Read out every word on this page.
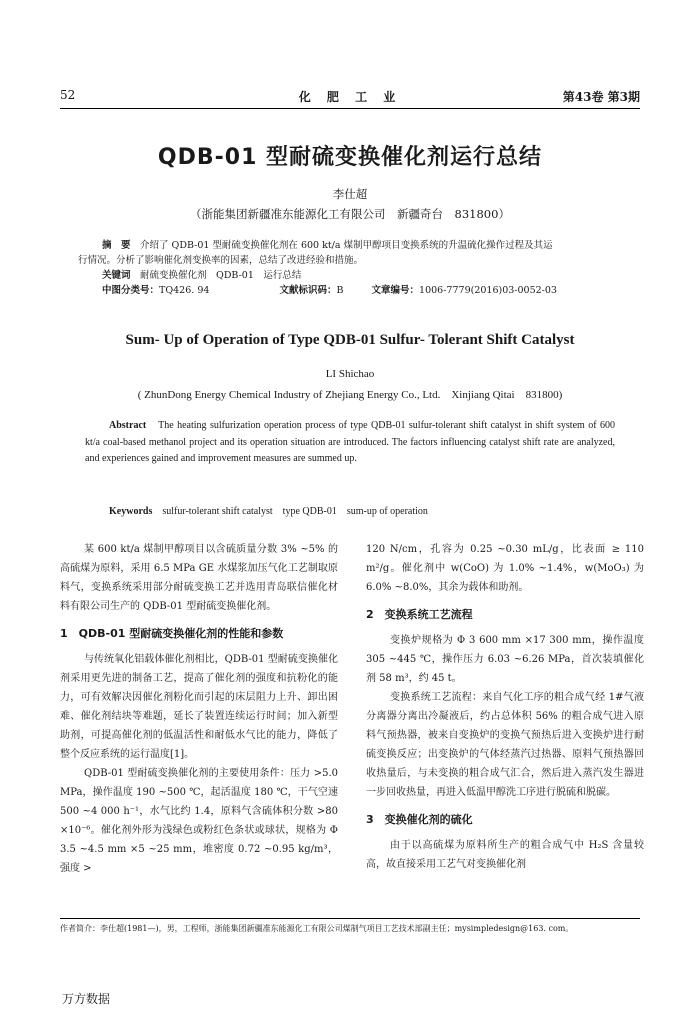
52	化 肥 工 业	第43卷 第3期
QDB-01 型耐硫变换催化剂运行总结
李仕超
（浙能集团新疆准东能源化工有限公司　新疆奇台　831800）
摘　要　 介绍了 QDB-01 型耐硫变换催化剂在 600 kt/a 煤制甲醇项目变换系统的升温硫化操作过程及其运
行情况。分析了影响催化剂变换率的因素，总结了改进经验和措施。
关键词　 耐硫变换催化剂　QDB-01　运行总结
中图分类号：TQ426. 94	文献标识码：B	文章编号：1006-7779(2016)03-0052-03
Sum- Up of Operation of Type QDB-01 Sulfur- Tolerant Shift Catalyst
LI Shichao
( ZhunDong Energy Chemical Industry of Zhejiang Energy Co., Ltd.　Xinjiang Qitai　831800)
Abstract　 The heating sulfurization operation process of type QDB-01 sulfur-tolerant shift catalyst in shift system of 600 kt/a coal-based methanol project and its operation situation are introduced. The factors influencing catalyst shift rate are analyzed, and experiences gained and improvement measures are summed up.
Keywords　 sulfur-tolerant shift catalyst　type QDB-01　sum-up of operation

某 600 kt/a 煤制甲醇项目以含硫质量分数 3% ~5% 的高硫煤为原料，采用 6.5 MPa GE 水煤浆加压气化工艺制取原料气，变换系统采用部分耐硫变换工艺并选用青岛联信催化材料有限公司生产的 QDB-01 型耐硫变换催化剂。

1　QDB-01 型耐硫变换催化剂的性能和参数

与传统氧化铝载体催化剂相比，QDB-01 型耐硫变换催化剂采用更先进的制备工艺，提高了催化剂的强度和抗粉化的能力，可有效解决因催化剂粉化而引起的床层阻力上升、卸出困难、催化剂结块等难题，延长了装置连续运行时间；加入新型助剂，可提高催化剂的低温活性和耐低水气比的能力，降低了整个反应系统的运行温度[1]。

QDB-01 型耐硫变换催化剂的主要使用条件：压力 >5.0 MPa，操作温度 190 ~500 ℃，起活温度 180 ℃，干气空速 500 ~4 000 h⁻¹，水气比约 1.4，原料气含硫体积分数 >80 ×10⁻⁶。催化剂外形为浅绿色或粉红色条状或球状，规格为 Φ 3.5 ~4.5 mm ×5 ~25 mm，堆密度 0.72 ~0.95 kg/m³，强度 >

120 N/cm，孔容为 0.25 ~0.30 mL/g，比表面 ≥ 110 m²/g。催化剂中 w(CoO) 为 1.0% ~1.4%，w(MoO₃) 为 6.0% ~8.0%，其余为载体和助剂。

2　变换系统工艺流程

变换炉规格为 Φ 3 600 mm ×17 300 mm，操作温度 305 ~445 ℃，操作压力 6.03 ~6.26 MPa，首次装填催化剂 58 m³，约 45 t。

变换系统工艺流程：来自气化工序的粗合成气经 1#气液分离器分离出冷凝液后，约占总体积 56% 的粗合成气进入原料气预热器，被来自变换炉的变换气预热后进入变换炉进行耐硫变换反应；出变换炉的气体经蒸汽过热器、原料气预热器回收热量后，与未变换的粗合成气汇合，然后进入蒸汽发生器进一步回收热量，再进入低温甲醇洗工序进行脱硫和脱碳。

3　变换催化剂的硫化

由于以高硫煤为原料所生产的粗合成气中 H₂S 含量较高，故直接采用工艺气对变换催化剂

作者简介：李仕超(1981—)，男，工程师，浙能集团新疆准东能源化工有限公司煤制气项目工艺技术部副主任；mysimpledesign@163. com。
万方数据
